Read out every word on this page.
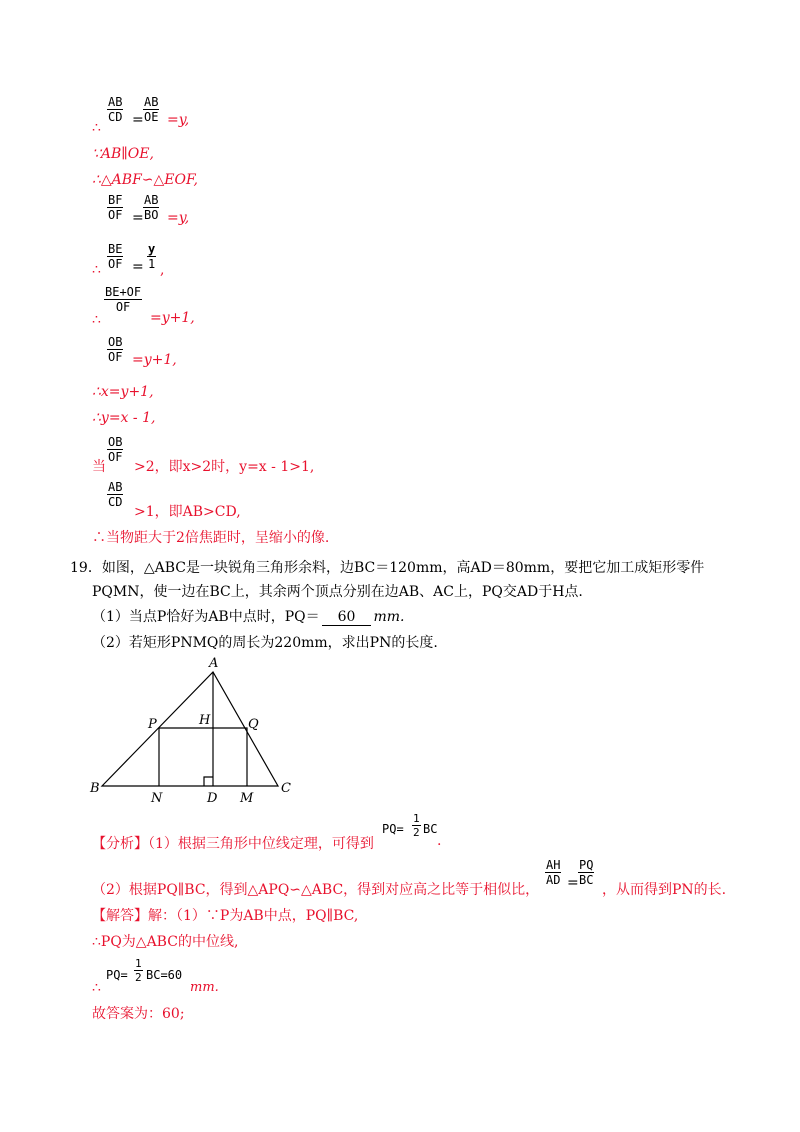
∴
AB
CD =
AB
OE =y,
∵AB∥OE,
∴△ABF∽△EOF,
BF
OF =
AB
BO =y,
∴
BE
OF =
y
1 ,
∴
BE+OF
OF
=y+1,
OB
OF =y+1,
∴x=y+1,
∴y=x - 1,
当
OB
OF
>2，即x>2时，y=x - 1>1,
AB
CD
>1，即AB>CD,
∴当物距大于2倍焦距时，呈缩小的像.
19．如图，△ABC是一块锐角三角形余料，边BC＝120mm，高AD＝80mm，要把它加工成矩形零件
PQMN，使一边在BC上，其余两个顶点分别在边AB、AC上，PQ交AD于H点.
（1）当点P恰好为AB中点时，PQ＝ 60 mm.
（2）若矩形PNMQ的周长为220mm，求出PN的长度.
A
B	C
D
H
P	Q
N	M
【分析】（1）根据三角形中位线定理，可得到
PQ=
1
2 BC
.
（2）根据PQ∥BC，得到△APQ∽△ABC，得到对应高之比等于相似比，
AH
AD =
PQ
BC
，从而得到PN的长.
【解答】解：（1）∵P为AB中点，PQ∥BC,
∴PQ为△ABC的中位线,
∴
PQ=
1
2 BC=60
mm.
故答案为：60;
